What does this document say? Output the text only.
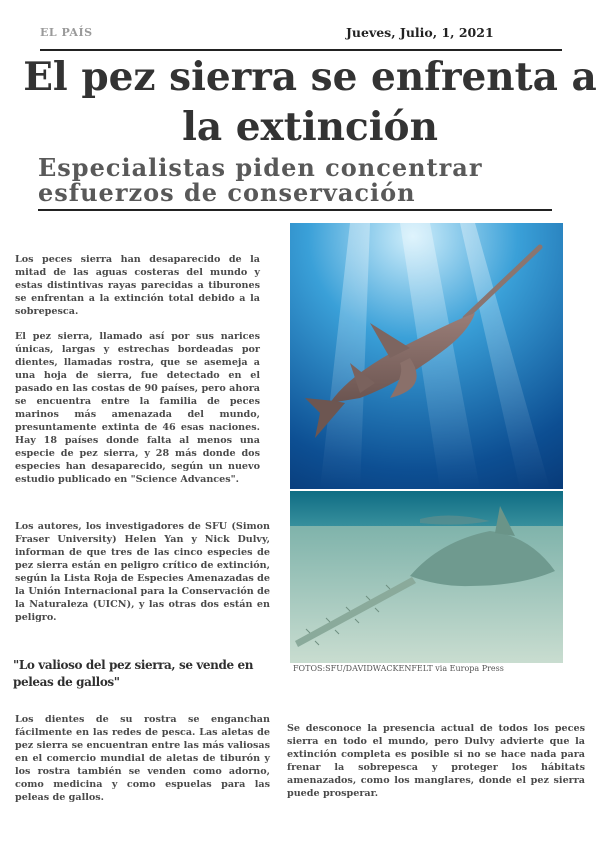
EL PAÍS	Jueves, Julio, 1, 2021
El pez sierra se enfrenta a la extinción
Especialistas piden concentrar esfuerzos de conservación

Los peces sierra han desaparecido de la mitad de las aguas costeras del mundo y estas distintivas rayas parecidas a tiburones se enfrentan a la extinción total debido a la sobrepesca.

El pez sierra, llamado así por sus narices únicas, largas y estrechas bordeadas por dientes, llamadas rostra, que se asemeja a una hoja de sierra, fue detectado en el pasado en las costas de 90 países, pero ahora se encuentra entre la familia de peces marinos más amenazada del mundo, presuntamente extinta de 46 esas naciones. Hay 18 países donde falta al menos una especie de pez sierra, y 28 más donde dos especies han desaparecido, según un nuevo estudio publicado en "Science Advances".

Los autores, los investigadores de SFU (Simon Fraser University) Helen Yan y Nick Dulvy, informan de que tres de las cinco especies de pez sierra están en peligro crítico de extinción, según la Lista Roja de Especies Amenazadas de la Unión Internacional para la Conservación de la Naturaleza (UICN), y las otras dos están en peligro.

"Lo valioso del pez sierra, se vende en peleas de gallos"

Los dientes de su rostra se enganchan fácilmente en las redes de pesca. Las aletas de pez sierra se encuentran entre las más valiosas en el comercio mundial de aletas de tiburón y los rostra también se venden como adorno, como medicina y como espuelas para las peleas de gallos.

Se desconoce la presencia actual de todos los peces sierra en todo el mundo, pero Dulvy advierte que la extinción completa es posible si no se hace nada para frenar la sobrepesca y proteger los hábitats amenazados, como los manglares, donde el pez sierra puede prosperar.

FOTOS:SFU/DAVIDWACKENFELT via Europa Press
